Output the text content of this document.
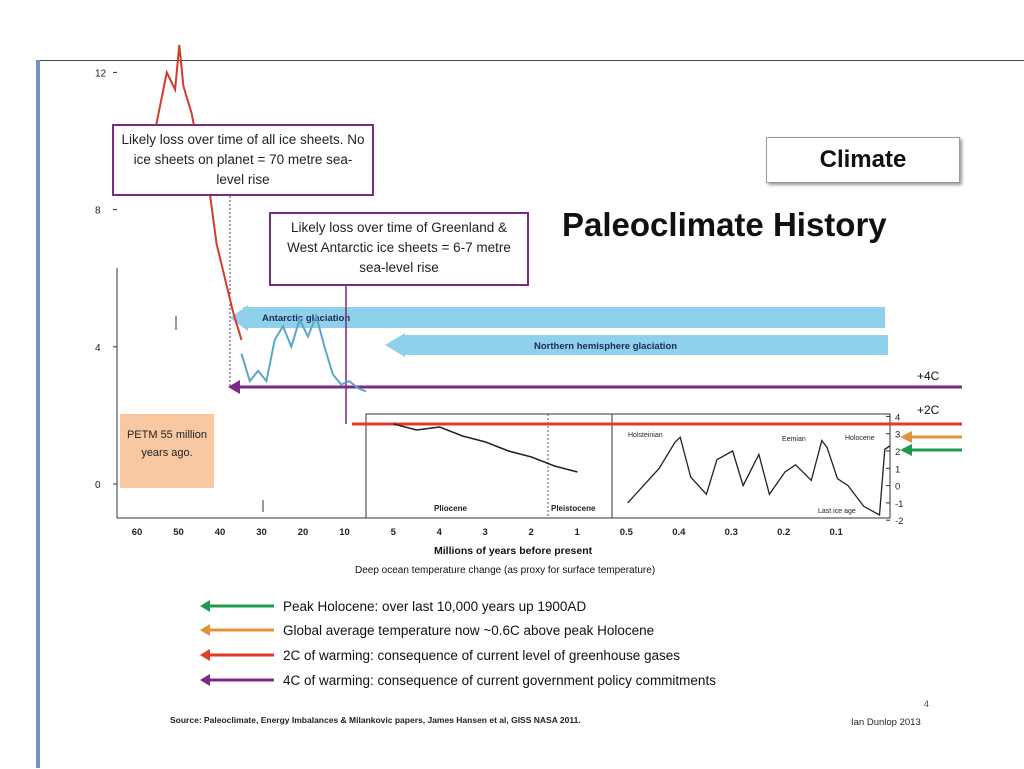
Antarctic glaciation
Northern hemisphere glaciation
+4C
+2C
12
8
4
0
4
3
2
1
0
-1
-2
60	50	40	30	20	10	5	4	3	2	1	0.5	0.4	0.3	0.2	0.1
Millions of years before present
Deep ocean temperature change (as proxy for surface temperature)
Pliocene	Pleistocene
Holsteinian
Eemian	Holocene
Last ice age
Likely loss over time of all ice sheets. No ice sheets on planet = 70 metre sea-level rise
Likely loss over time of Greenland & West Antarctic ice sheets = 6-7 metre sea-level rise
Climate
Paleoclimate History
PETM 55 million years ago.
Peak Holocene: over last 10,000 years up 1900AD
Global average temperature now ~0.6C above peak Holocene
2C of warming: consequence of current level of greenhouse gases
4C of warming: consequence of current government policy commitments
4
Source: Paleoclimate, Energy Imbalances & Milankovic papers, James Hansen et al, GISS NASA 2011.	Ian Dunlop 2013
